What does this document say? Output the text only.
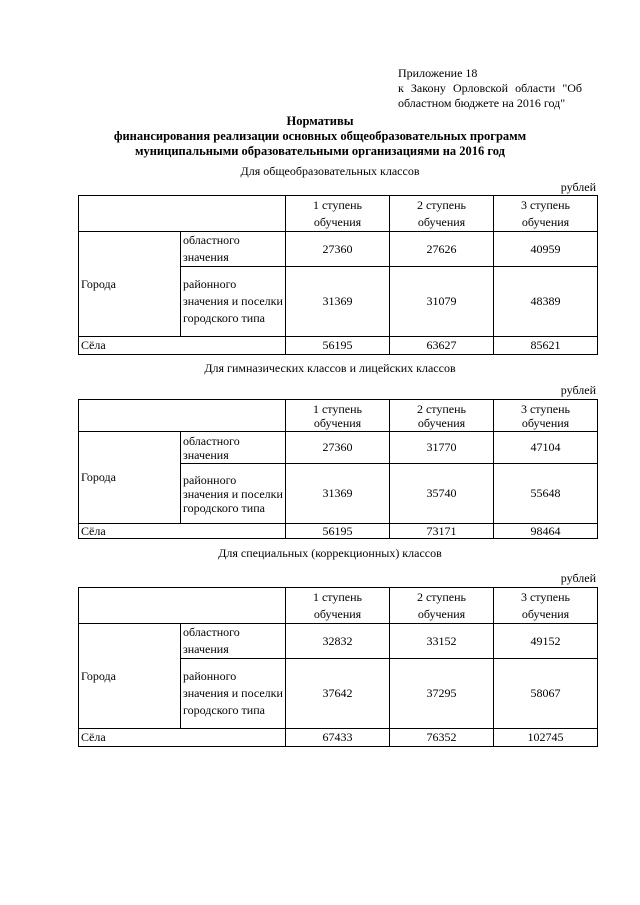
Приложение 18
к Закону Орловской области "Об
областном бюджете на 2016 год"
Нормативы
финансирования реализации основных общеобразовательных программ
муниципальными образовательными организациями на 2016 год
Для общеобразовательных классов
рублей
		1 ступень обучения	2 ступень обучения	3 ступень обучения
Города	областного значения	27360	27626	40959
	районного значения и поселки городского типа	31369	31079	48389
Сёла		56195	63627	85621
Для гимназических классов и лицейских классов
рублей
		1 ступень обучения	2 ступень обучения	3 ступень обучения
Города	областного значения	27360	31770	47104
	районного значения и поселки городского типа	31369	35740	55648
Сёла		56195	73171	98464
Для специальных (коррекционных) классов
рублей
		1 ступень обучения	2 ступень обучения	3 ступень обучения
Города	областного значения	32832	33152	49152
	районного значения и поселки городского типа	37642	37295	58067
Сёла		67433	76352	102745
